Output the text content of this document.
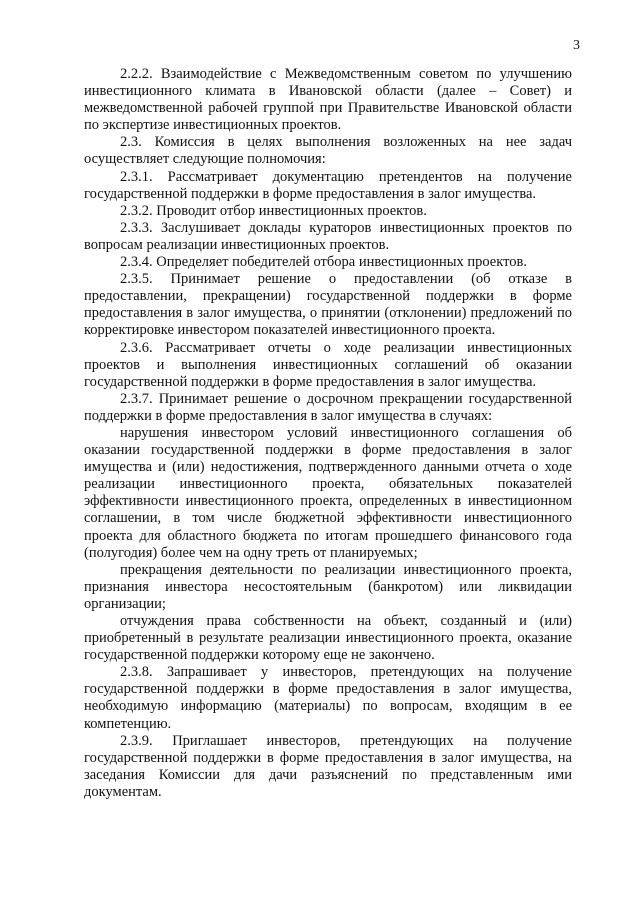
3

2.2.2. Взаимодействие с Межведомственным советом по улучшению инвестиционного климата в Ивановской области (далее – Совет) и межведомственной рабочей группой при Правительстве Ивановской области по экспертизе инвестиционных проектов.

2.3. Комиссия в целях выполнения возложенных на нее задач осуществляет следующие полномочия:

2.3.1. Рассматривает документацию претендентов на получение государственной поддержки в форме предоставления в залог имущества.

2.3.2. Проводит отбор инвестиционных проектов.

2.3.3. Заслушивает доклады кураторов инвестиционных проектов по вопросам реализации инвестиционных проектов.

2.3.4. Определяет победителей отбора инвестиционных проектов.

2.3.5. Принимает решение о предоставлении (об отказе в предоставлении, прекращении) государственной поддержки в форме предоставления в залог имущества, о принятии (отклонении) предложений по корректировке инвестором показателей инвестиционного проекта.

2.3.6. Рассматривает отчеты о ходе реализации инвестиционных проектов и выполнения инвестиционных соглашений об оказании государственной поддержки в форме предоставления в залог имущества.

2.3.7. Принимает решение о досрочном прекращении государственной поддержки в форме предоставления в залог имущества в случаях:

нарушения инвестором условий инвестиционного соглашения об оказании государственной поддержки в форме предоставления в залог имущества и (или) недостижения, подтвержденного данными отчета о ходе реализации инвестиционного проекта, обязательных показателей эффективности инвестиционного проекта, определенных в инвестиционном соглашении, в том числе бюджетной эффективности инвестиционного проекта для областного бюджета по итогам прошедшего финансового года (полугодия) более чем на одну треть от планируемых;

прекращения деятельности по реализации инвестиционного проекта, признания инвестора несостоятельным (банкротом) или ликвидации организации;

отчуждения права собственности на объект, созданный и (или) приобретенный в результате реализации инвестиционного проекта, оказание государственной поддержки которому еще не закончено.

2.3.8. Запрашивает у инвесторов, претендующих на получение государственной поддержки в форме предоставления в залог имущества, необходимую информацию (материалы) по вопросам, входящим в ее компетенцию.

2.3.9. Приглашает инвесторов, претендующих на получение государственной поддержки в форме предоставления в залог имущества, на заседания Комиссии для дачи разъяснений по представленным ими документам.
